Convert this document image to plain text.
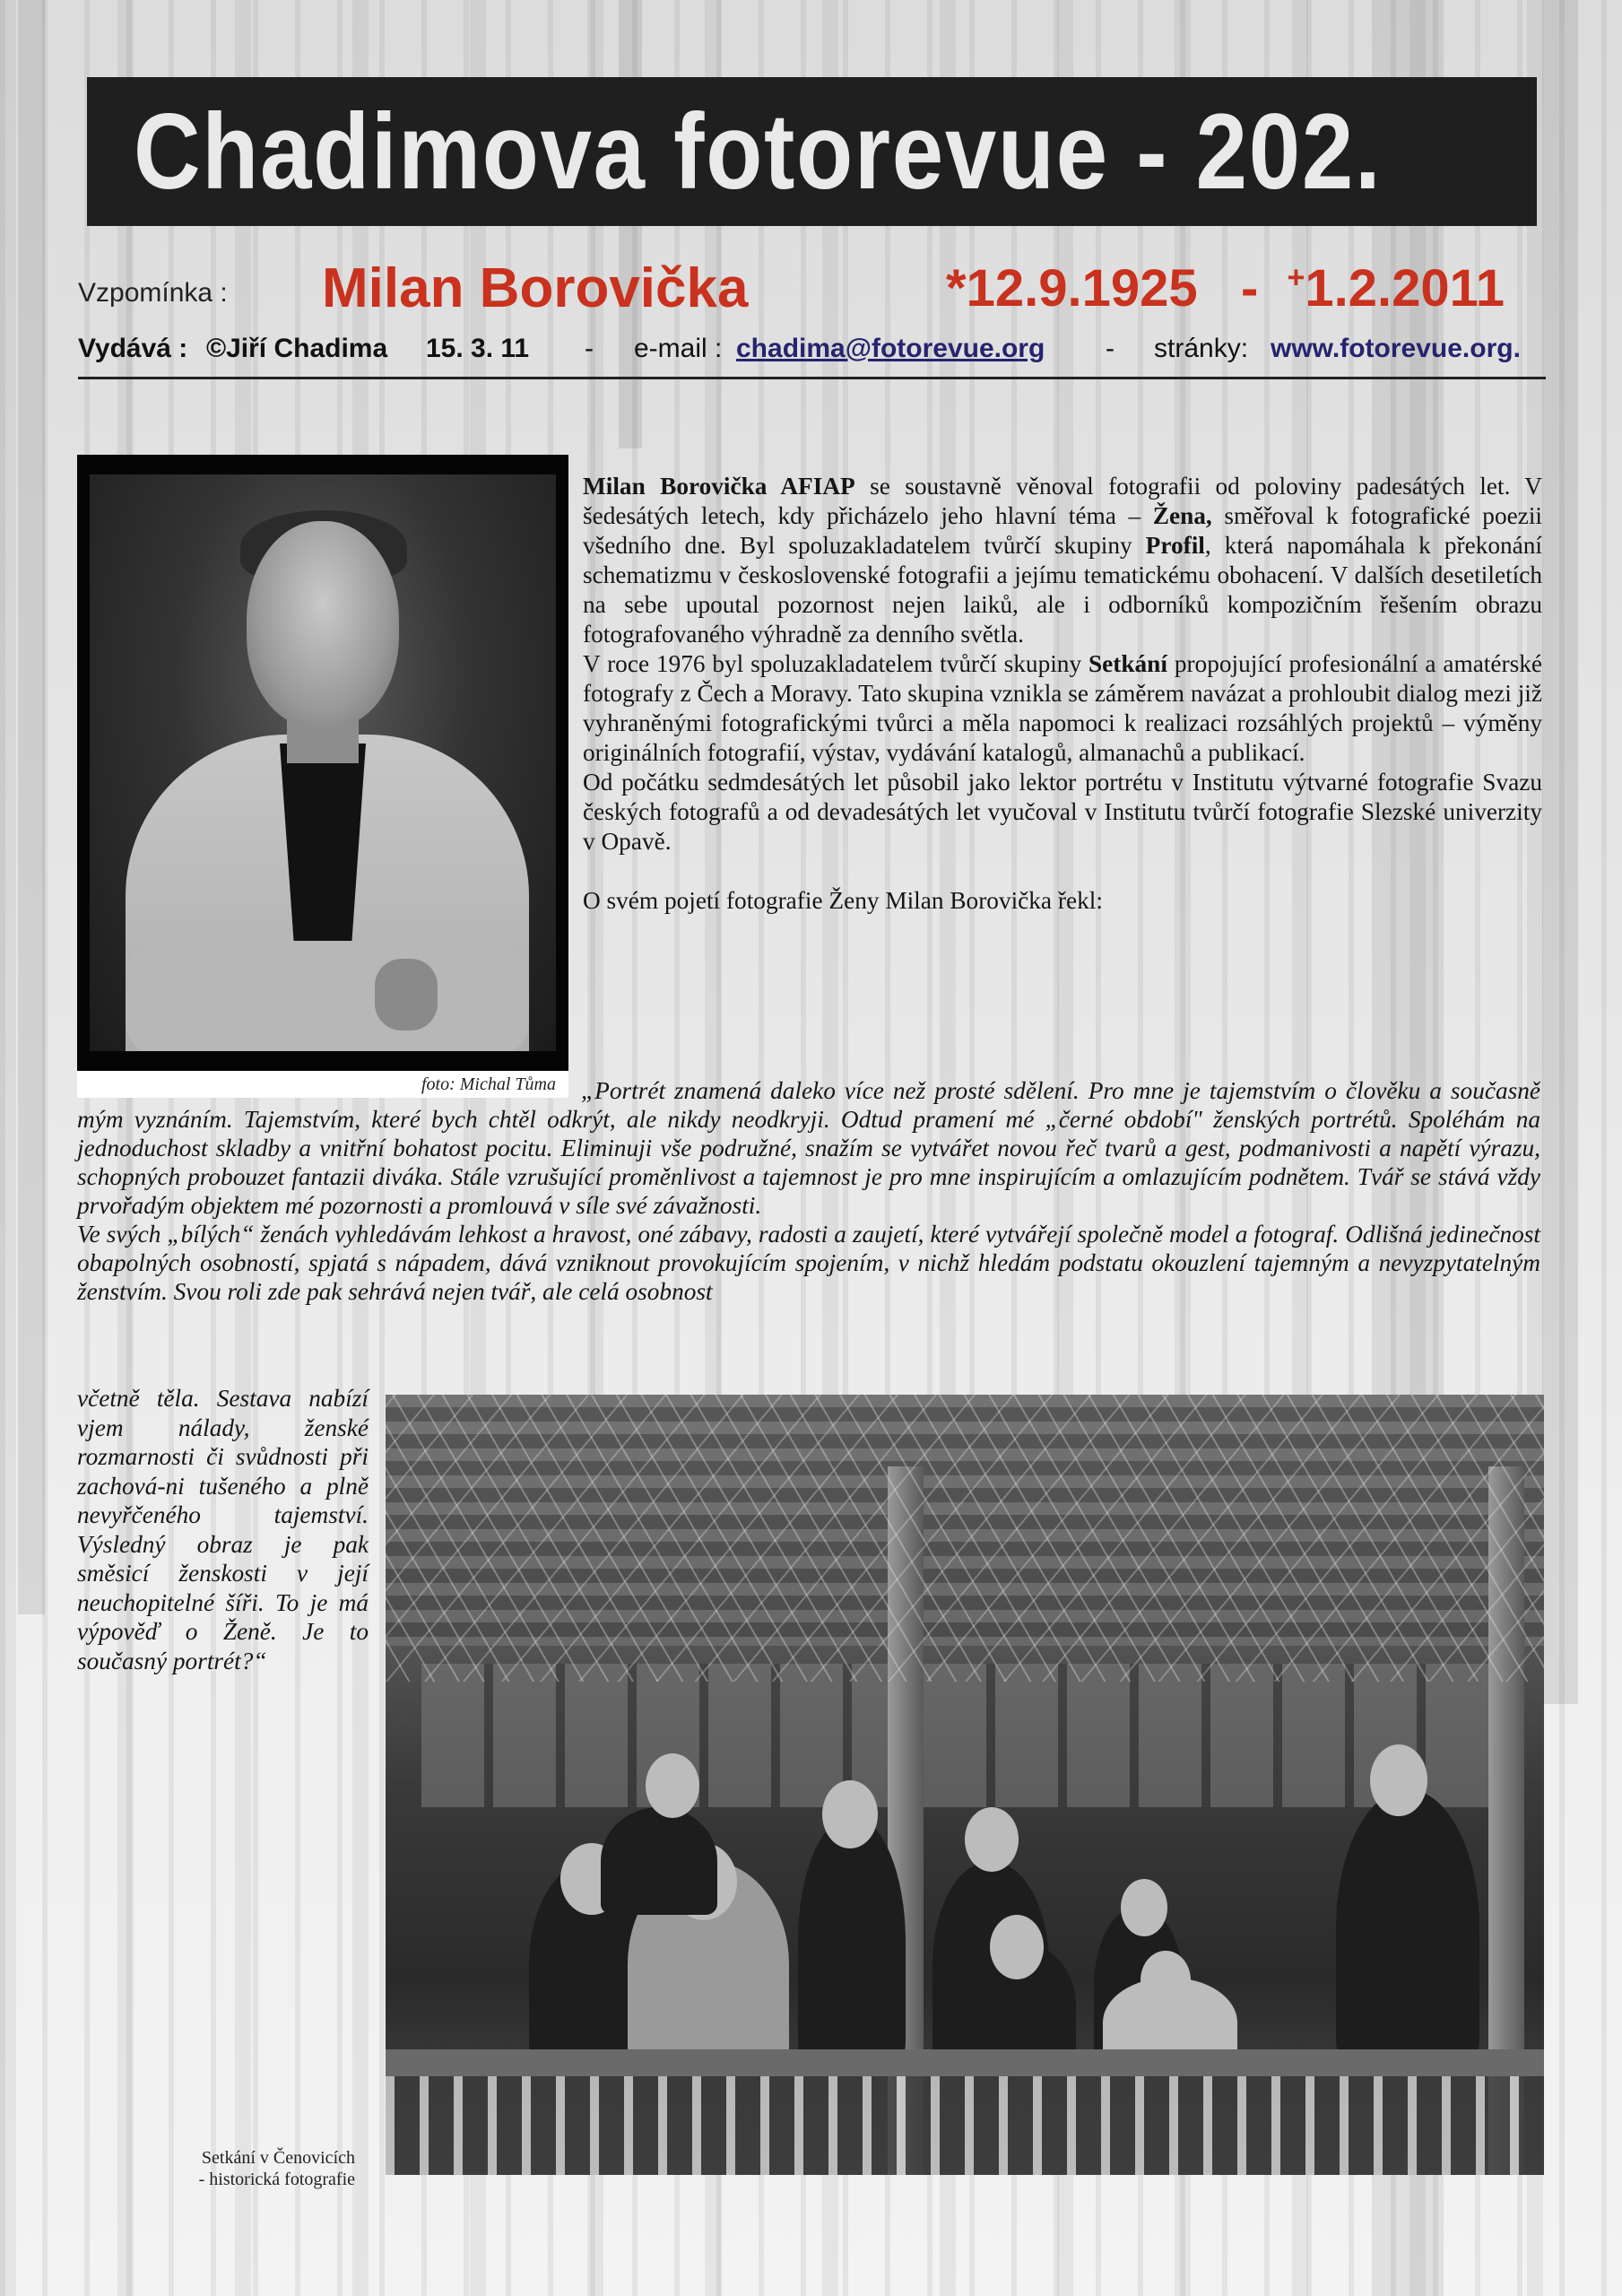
Chadimova fotorevue - 202.
Vzpomínka : Milan Borovička	*12.9.1925 - +1.2.2011
Vydává : ©Jiří Chadima 15. 3. 11 - e-mail : chadima@fotorevue.org - stránky: www.fotorevue.org.
foto: Michal Tůma

Milan Borovička AFIAP se soustavně věnoval fotografii od poloviny padesátých let. V šedesátých letech, kdy přicházelo jeho hlavní téma – Žena, směřoval k fotografické poezii všedního dne. Byl spoluzakladatelem tvůrčí skupiny Profil, která napomáhala k překonání schematizmu v československé fotografii a jejímu tematickému obohacení. V dalších desetiletích na sebe upoutal pozornost nejen laiků, ale i odborníků kompozičním řešením obrazu fotografovaného výhradně za denního světla.

V roce 1976 byl spoluzakladatelem tvůrčí skupiny Setkání propojující profesionální a amatérské fotografy z Čech a Moravy. Tato skupina vznikla se záměrem navázat a prohloubit dialog mezi již vyhraněnými fotografickými tvůrci a měla napomoci k realizaci rozsáhlých projektů – výměny originálních fotografií, výstav, vydávání katalogů, almanachů a publikací.

Od počátku sedmdesátých let působil jako lektor portrétu v Institutu výtvarné fotografie Svazu českých fotografů a od devadesátých let vyučoval v Institutu tvůrčí fotografie Slezské univerzity v Opavě.

O svém pojetí fotografie Ženy Milan Borovička řekl:

„Portrét znamená daleko více než prosté sdělení. Pro mne je tajemstvím o člověku a současně mým vyznáním. Tajemstvím, které bych chtěl odkrýt, ale nikdy neodkryji. Odtud pramení mé „černé období" ženských portrétů. Spoléhám na jednoduchost skladby a vnitřní bohatost pocitu. Eliminuji vše podružné, snažím se vytvářet novou řeč tvarů a gest, podmanivosti a napětí výrazu, schopných probouzet fantazii diváka. Stále vzrušující proměnlivost a tajemnost je pro mne inspirujícím a omlazujícím podnětem. Tvář se stává vždy prvořadým objektem mé pozornosti a promlouvá v síle své závažnosti.

Ve svých „bílých“ ženách vyhledávám lehkost a hravost, oné zábavy, radosti a zaujetí, které vytvářejí společně model a fotograf. Odlišná jedinečnost obapolných osobností, spjatá s nápadem, dává vzniknout provokujícím spojením, v nichž hledám podstatu okouzlení tajemným a nevyzpytatelným ženstvím. Svou roli zde pak sehrává nejen tvář, ale celá osobnost

včetně těla. Sestava nabízí vjem nálady, ženské rozmarnosti či svůdnosti při zachová-ni tušeného a plně nevyřčeného tajemství. Výsledný obraz je pak směsicí ženskosti v její neuchopitelné šíři. To je má výpověď o Ženě. Je to současný portrét?“
Setkání v Čenovicích
- historická fotografie
